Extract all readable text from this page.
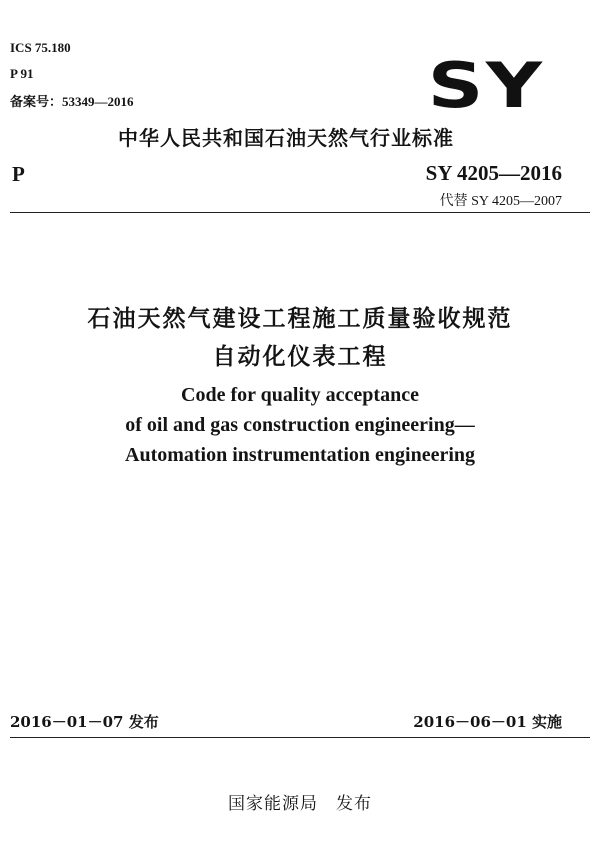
ICS 75.180
P 91
备案号：53349—2016	SY
中华人民共和国石油天然气行业标准
P	SY 4205—2016
代替 SY 4205—2007
石油天然气建设工程施工质量验收规范
自动化仪表工程
Code for quality acceptance
of oil and gas construction engineering—
Automation instrumentation engineering
2016－01－07 发布	2016－06－01 实施
国家能源局　发布
